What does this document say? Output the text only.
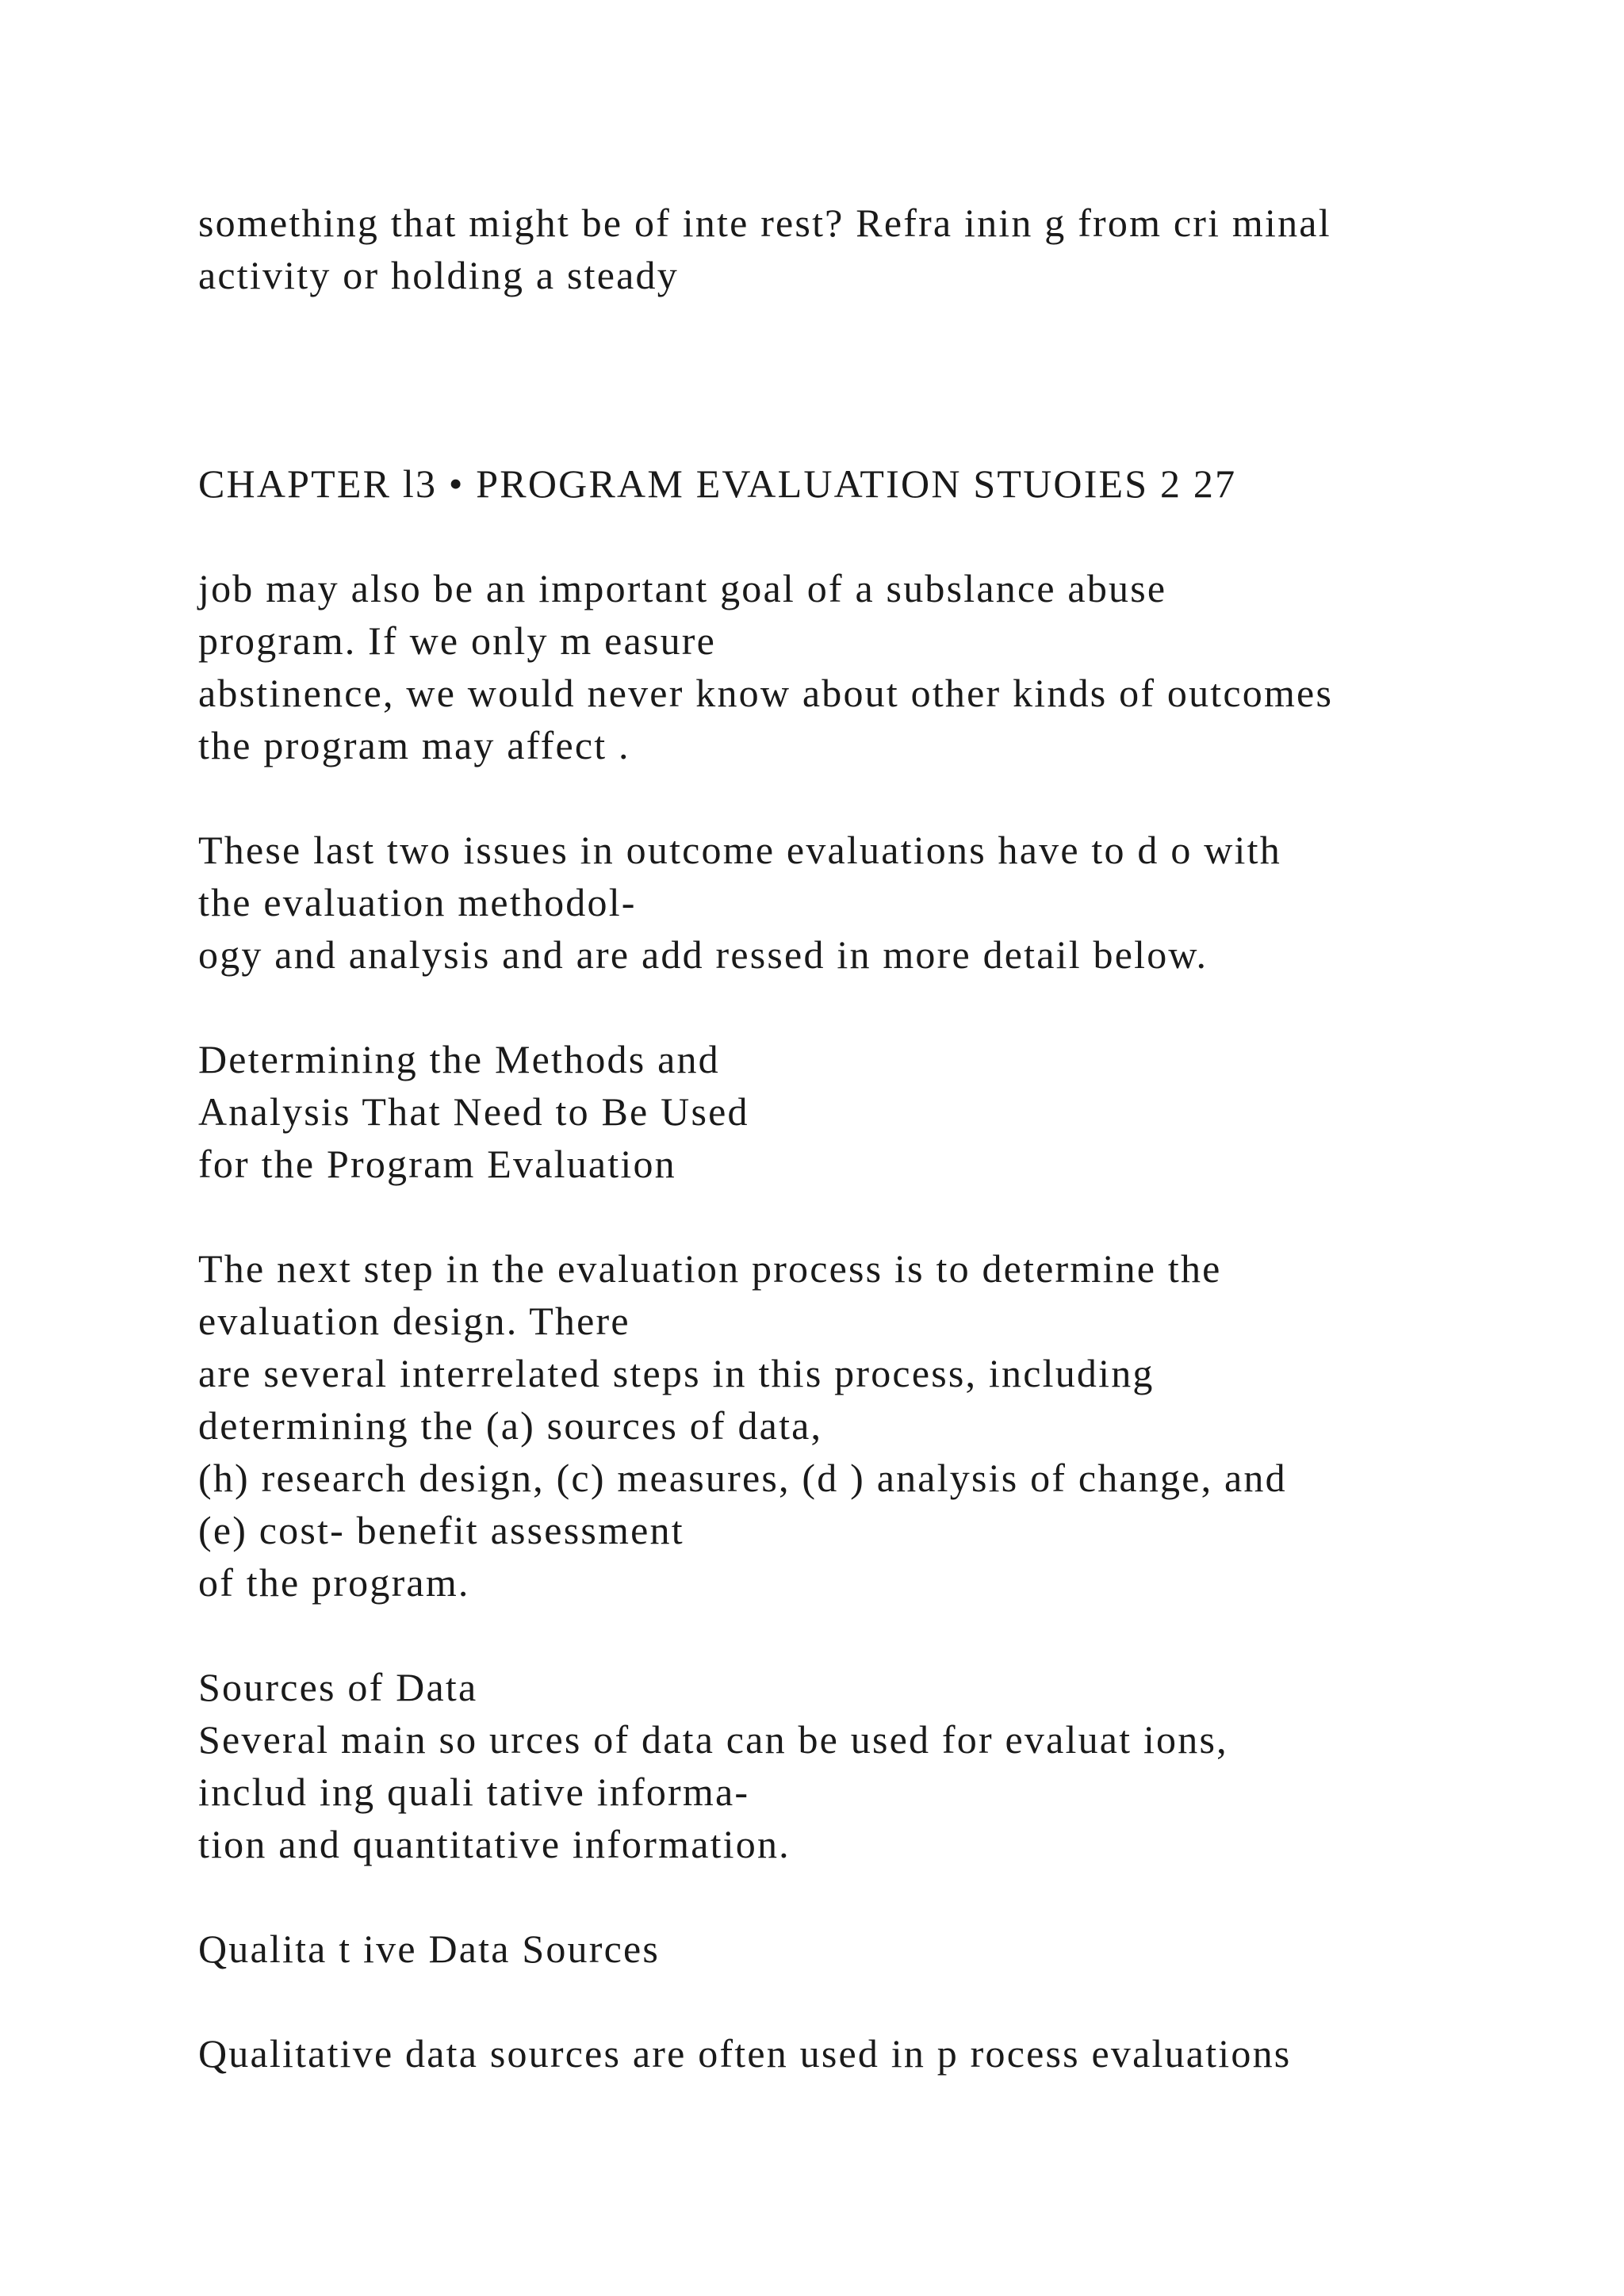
something that might be of inte rest? Refra inin g from cri minal

activity or holding a steady

CHAPTER l3 • PROGRAM EVALUATION STUOIES 2 27

job may also be an important goal of a subslance abuse

program. If we only m easure

abstinence, we would never know about other kinds of outcomes

the program may affect .

These last two issues in outcome evaluations have to d o with

the evaluation methodol-

ogy and analysis and are add ressed in more detail below.

Determining the Methods and

Analysis That Need to Be Used

for the Program Evaluation

The next step in the evaluation process is to determine the

evaluation design. There

are several interrelated steps in this process, including

determining the (a) sources of data,

(h) research design, (c) measures, (d ) analysis of change, and

(e) cost- benefit assessment

of the program.

Sources of Data

Several main so urces of data can be used for evaluat ions,

includ ing quali tative informa-

tion and quantitative information.

Qualita t ive Data Sources

Qualitative data sources are often used in p rocess evaluations
